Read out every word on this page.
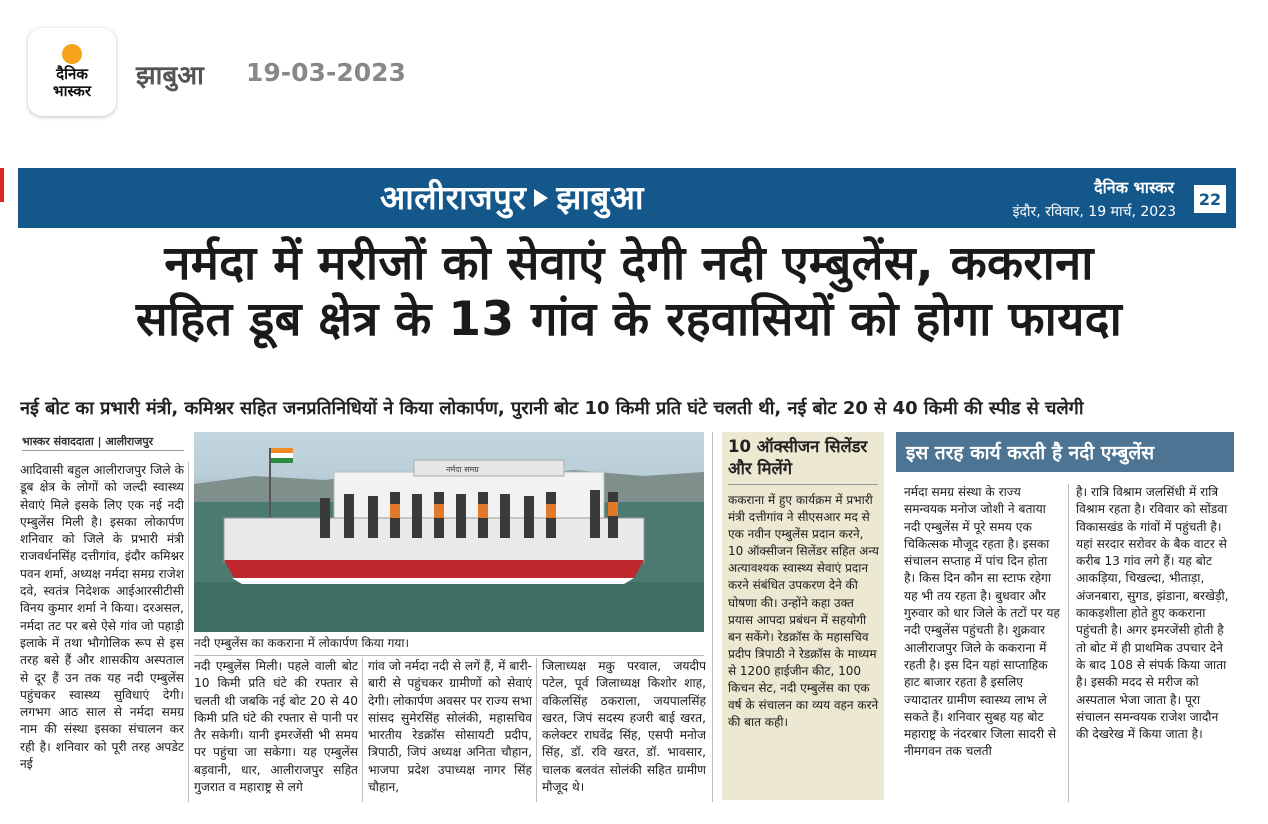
दैनिक
भास्कर झाबुआ 19-03-2023
आलीराजपुर झाबुआ	दैनिक भास्कर
इंदौर, रविवार, 19 मार्च, 2023
22
नर्मदा में मरीजों को सेवाएं देगी नदी एम्बुलेंस, ककराना
सहित डूब क्षेत्र के 13 गांव के रहवासियों को होगा फायदा
नई बोट का प्रभारी मंत्री, कमिश्नर सहित जनप्रतिनिधियों ने किया लोकार्पण, पुरानी बोट 10 किमी प्रति घंटे चलती थी, नई बोट 20 से 40 किमी की स्पीड से चलेगी
भास्कर संवाददाता | आलीराजपुर
आदिवासी बहुल आलीराजपुर जिले के डूब क्षेत्र के लोगों को जल्दी स्वास्थ्य सेवाएं मिले इसके लिए एक नई नदी एम्बुलेंस मिली है। इसका लोकार्पण शनिवार को जिले के प्रभारी मंत्री राजवर्धनसिंह दत्तीगांव, इंदौर कमिश्नर पवन शर्मा, अध्यक्ष नर्मदा समग्र राजेश दवे, स्वतंत्र निदेशक आईआरसीटीसी विनय कुमार शर्मा ने किया। दरअसल, नर्मदा तट पर बसे ऐसे गांव जो पहाड़ी इलाके में तथा भौगोलिक रूप से इस तरह बसे हैं और शासकीय अस्पताल से दूर हैं उन तक यह नदी एम्बुलेंस पहुंचकर स्वास्थ्य सुविधाएं देगी। लगभग आठ साल से नर्मदा समग्र नाम की संस्था इसका संचालन कर रही है। शनिवार को पूरी तरह अपडेट नई
नर्मदा समग्र
नदी एम्बुलेंस का ककराना में लोकार्पण किया गया।
नदी एम्बुलेंस मिली। पहले वाली बोट 10 किमी प्रति घंटे की रफ्तार से चलती थी जबकि नई बोट 20 से 40 किमी प्रति घंटे की रफ्तार से पानी पर तैर सकेगी। यानी इमरजेंसी भी समय पर पहुंचा जा सकेगा। यह एम्बुलेंस बड़वानी, धार, आलीराजपुर सहित गुजरात व महाराष्ट्र से लगे
गांव जो नर्मदा नदी से लगें हैं, में बारी-बारी से पहुंचकर ग्रामीणों को सेवाएं देगी। लोकार्पण अवसर पर राज्य सभा सांसद सुमेरसिंह सोलंकी, महासचिव भारतीय रेडक्रॉस सोसायटी प्रदीप, त्रिपाठी, जिपं अध्यक्ष अनिता चौहान, भाजपा प्रदेश उपाध्यक्ष नागर सिंह चौहान,
जिलाध्यक्ष मकु परवाल, जयदीप पटेल, पूर्व जिलाध्यक्ष किशोर शाह, वकिलसिंह ठकराला, जयपालसिंह खरत, जिपं सदस्य हजरी बाई खरत, कलेक्टर राघवेंद्र सिंह, एसपी मनोज सिंह, डॉ. रवि खरत, डॉ. भावसार, चालक बलवंत सोलंकी सहित ग्रामीण मौजूद थे।
10 ऑक्सीजन सिलेंडर और मिलेंगे
ककराना में हुए कार्यक्रम में प्रभारी मंत्री दत्तीगांव ने सीएसआर मद से एक नवीन एम्बुलेंस प्रदान करने, 10 ऑक्सीजन सिलेंडर सहित अन्य अत्यावश्यक स्वास्थ्य सेवाएं प्रदान करने संबंधित उपकरण देने की घोषणा की। उन्होंने कहा उक्त प्रयास आपदा प्रबंधन में सहयोगी बन सकेंगे। रेडक्रॉस के महासचिव प्रदीप त्रिपाठी ने रेडक्रॉस के माध्यम से 1200 हाईजीन कीट, 100 किचन सेट, नदी एम्बुलेंस का एक वर्ष के संचालन का व्यय वहन करने की बात कही।
इस तरह कार्य करती है नदी एम्बुलेंस
नर्मदा समग्र संस्था के राज्य समन्वयक मनोज जोशी ने बताया नदी एम्बुलेंस में पूरे समय एक चिकित्सक मौजूद रहता है। इसका संचालन सप्ताह में पांच दिन होता है। किस दिन कौन सा स्टाफ रहेगा यह भी तय रहता है। बुधवार और गुरुवार को धार जिले के तटों पर यह नदी एम्बुलेंस पहुंचती है। शुक्रवार आलीराजपुर जिले के ककराना में रहती है। इस दिन यहां साप्ताहिक हाट बाजार रहता है इसलिए ज्यादातर ग्रामीण स्वास्थ्य लाभ ले सकते हैं। शनिवार सुबह यह बोट महाराष्ट्र के नंदरबार जिला सादरी से नीमगवन तक चलती
है। रात्रि विश्राम जलसिंधी में रात्रि विश्राम रहता है। रविवार को सोंडवा विकासखंड के गांवों में पहुंचती है। यहां सरदार सरोवर के बैक वाटर से करीब 13 गांव लगे हैं। यह बोट आकड़िया, चिखल्दा, भीताड़ा, अंजनबारा, सुगड, झंडाना, बरखेड़ी, काकड़शीला होते हुए ककराना पहुंचती है। अगर इमरजेंसी होती है तो बोट में ही प्राथमिक उपचार देने के बाद 108 से संपर्क किया जाता है। इसकी मदद से मरीज को अस्पताल भेजा जाता है। पूरा संचालन समन्वयक राजेश जादौन की देखरेख में किया जाता है।
